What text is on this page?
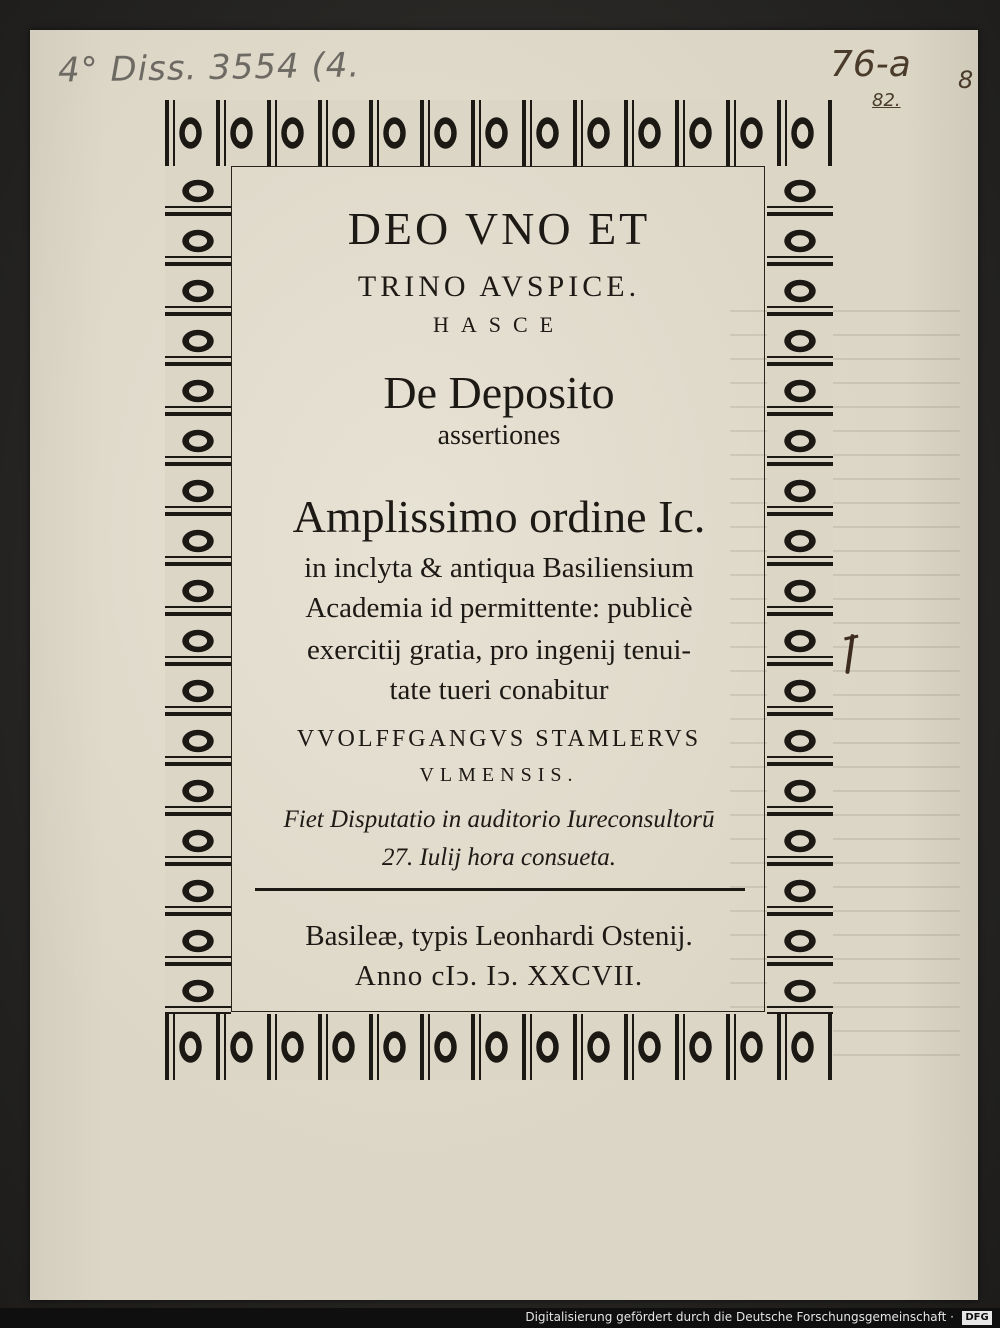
4° Diss. 3554 (4.	76-a
82.
8
DEO VNO ET
TRINO AVSPICE.
HASCE
De Deposito
assertiones
Amplissimo ordine Ic.
in inclyta & antiqua Basiliensium
Academia id permittente: publicè
exercitij gratia, pro ingenij tenui-
tate tueri conabitur
VVOLFFGANGVS STAMLERVS
VLMENSIS.
Fiet Disputatio in auditorio Iureconsultorū
27. Iulij hora consueta.
Basileæ, typis Leonhardi Ostenij.
Anno cIↄ. Iↄ. XXCVII.
Digitalisierung gefördert durch die Deutsche Forschungsgemeinschaft ·	DFG
